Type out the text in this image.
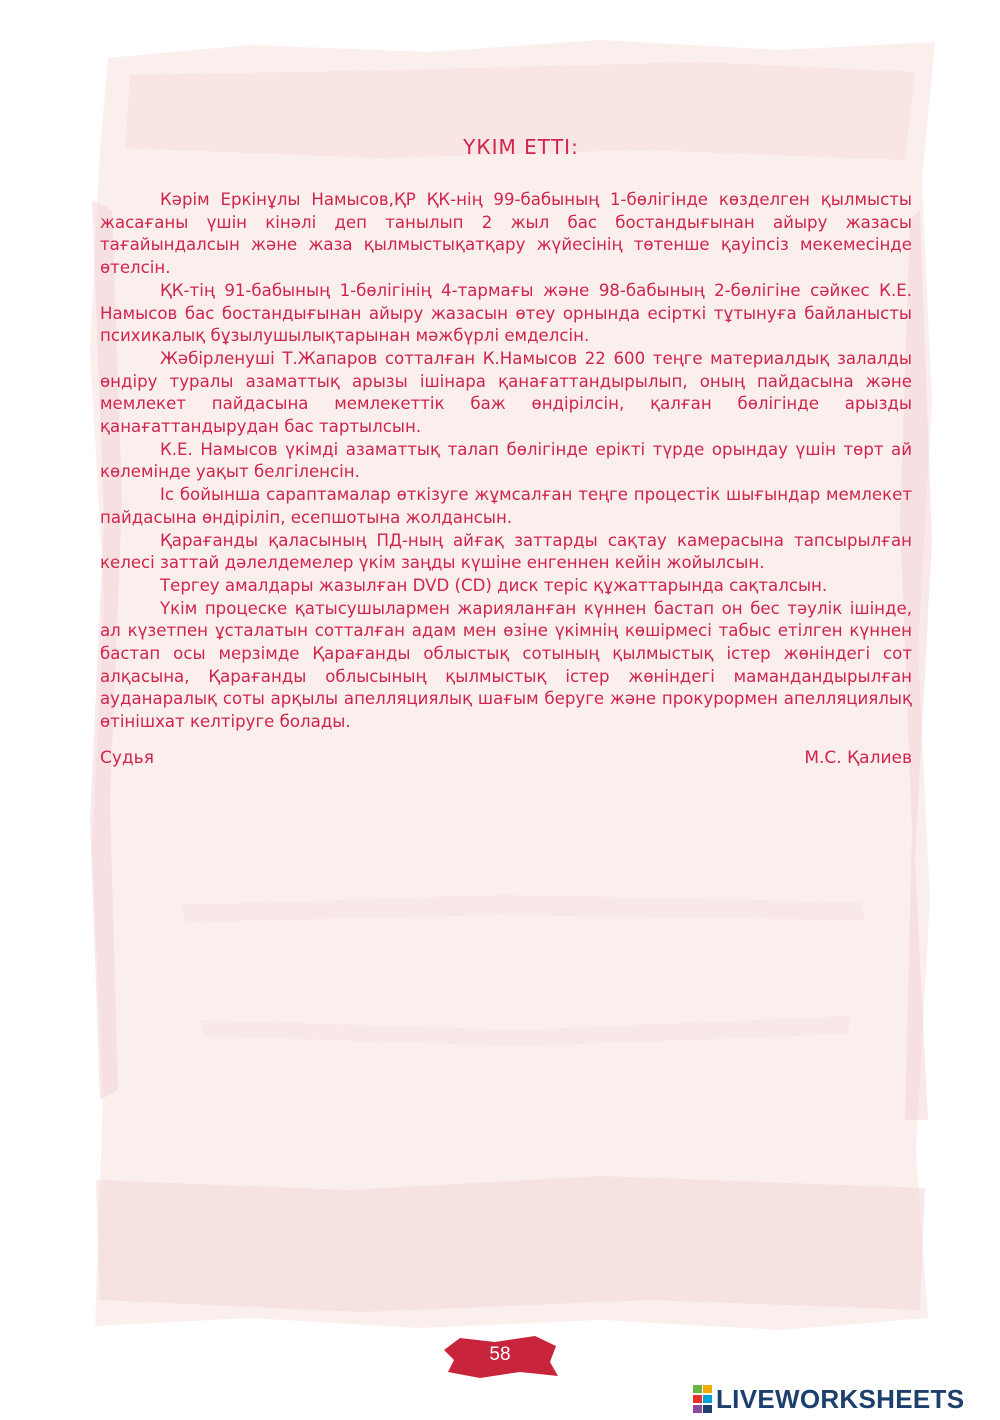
ҮКІМ ЕТТІ:

Кәрім Еркінұлы Намысов,ҚР ҚК-нің 99-бабының 1-бөлігінде көзделген қылмысты жасағаны үшін кінәлі деп танылып 2 жыл бас бостандығынан айыру жазасы тағайындалсын және жаза қылмыстықатқару жүйесінің төтенше қауіпсіз мекемесінде өтелсін.

ҚК-тің 91-бабының 1-бөлігінің 4-тармағы және 98-бабының 2-бөлігіне сәйкес К.Е. Намысов бас бостандығынан айыру жазасын өтеу орнында есірткі тұтынуға байланысты психикалық бұзылушылықтарынан мәжбүрлі емделсін.

Жәбірленуші Т.Жапаров сотталған К.Намысов 22 600 теңге материалдық залалды өндіру туралы азаматтық арызы ішінара қанағаттандырылып, оның пайдасына және мемлекет пайдасына мемлекеттік баж өндірілсін, қалған бөлігінде арызды қанағаттандырудан бас тартылсын.

К.Е. Намысов үкімді азаматтық талап бөлігінде ерікті түрде орындау үшін төрт ай көлемінде уақыт белгіленсін.

Іс бойынша сараптамалар өткізуге жұмсалған теңге процестік шығындар мемлекет пайдасына өндіріліп, есепшотына жолдансын.

Қарағанды қаласының ПД-ның айғақ заттарды сақтау камерасына тапсырылған келесі заттай дәлелдемелер үкім заңды күшіне енгеннен кейін жойылсын.

Тергеу амалдары жазылған DVD (CD) диск теріс құжаттарында сақталсын.

Үкім процеске қатысушылармен жарияланған күннен бастап он бес тәулік ішінде, ал күзетпен ұсталатын сотталған адам мен өзіне үкімнің көшірмесі табыс етілген күннен бастап осы мерзімде Қарағанды облыстық сотының қылмыстық істер жөніндегі сот алқасына, Қарағанды облысының қылмыстық істер жөніндегі мамандандырылған ауданаралық соты арқылы апелляциялық шағым беруге және прокурормен апелляциялық өтінішхат келтіруге болады.

Судья	М.С. Қалиев
58
LIVEWORKSHEETS
